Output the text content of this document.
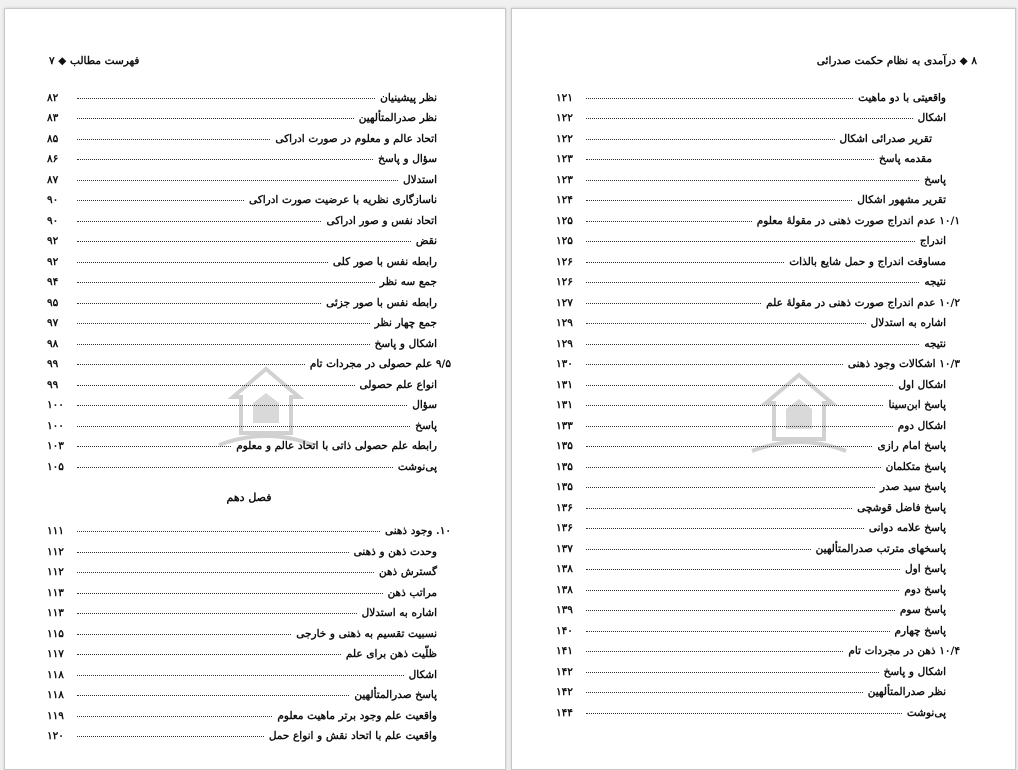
فهرست مطالب ◆ ۷
نظر پیشینیان
۸۲
نظر صدرالمتألهین
۸۳
اتحاد عالم و معلوم در صورت ادراکی
۸۵
سؤال و پاسخ
۸۶
استدلال
۸۷
ناسازگاری نظریه با عرضیت صورت ادراکی
۹۰
اتحاد نفس و صور ادراکی
۹۰
نقض
۹۲
رابطه نفس با صور کلی
۹۲
جمع سه نظر
۹۴
رابطه نفس با صور جزئی
۹۵
جمع چهار نظر
۹۷
اشکال و پاسخ
۹۸
۹/۵ علم حصولی در مجردات تام
۹۹
انواع علم حصولی
۹۹
سؤال
۱۰۰
پاسخ
۱۰۰
رابطه علم حصولی ذاتی با اتحاد عالم و معلوم
۱۰۳
پی‌نوشت
۱۰۵
فصل دهم
۱۰. وجود ذهنی
۱۱۱
وحدت ذهن و ذهنی
۱۱۲
گسترش ذهن
۱۱۲
مراتب ذهن
۱۱۳
اشاره به استدلال
۱۱۳
نسبیت تقسیم به ذهنی و خارجی
۱۱۵
ظلّیت ذهن برای علم
۱۱۷
اشکال
۱۱۸
پاسخ صدرالمتألهین
۱۱۸
واقعیت علم وجود برتر ماهیت معلوم
۱۱۹
واقعیت علم با اتحاد نقش و انواع حمل
۱۲۰
۸ ◆ درآمدی به نظام حکمت صدرائی
واقعیتی با دو ماهیت
۱۲۱
اشکال
۱۲۲
تقریر صدرائی اشکال
۱۲۲
مقدمه پاسخ
۱۲۳
پاسخ
۱۲۳
تقریر مشهور اشکال
۱۲۴
۱۰/۱ عدم اندراج صورت ذهنی در مقولهٔ معلوم
۱۲۵
اندراج
۱۲۵
مساوقت اندراج و حمل شایع بالذات
۱۲۶
نتیجه
۱۲۶
۱۰/۲ عدم اندراج صورت ذهنی در مقولهٔ علم
۱۲۷
اشاره به استدلال
۱۲۹
نتیجه
۱۲۹
۱۰/۳ اشکالات وجود ذهنی
۱۳۰
اشکال اول
۱۳۱
پاسخ ابن‌سینا
۱۳۱
اشکال دوم
۱۳۳
پاسخ امام رازی
۱۳۵
پاسخ متکلمان
۱۳۵
پاسخ سید صدر
۱۳۵
پاسخ فاضل قوشچی
۱۳۶
پاسخ علامه دوانی
۱۳۶
پاسخهای مترتب صدرالمتألهین
۱۳۷
پاسخ اول
۱۳۸
پاسخ دوم
۱۳۸
پاسخ سوم
۱۳۹
پاسخ چهارم
۱۴۰
۱۰/۴ ذهن در مجردات تام
۱۴۱
اشکال و پاسخ
۱۴۲
نظر صدرالمتألهین
۱۴۲
پی‌نوشت
۱۴۴
